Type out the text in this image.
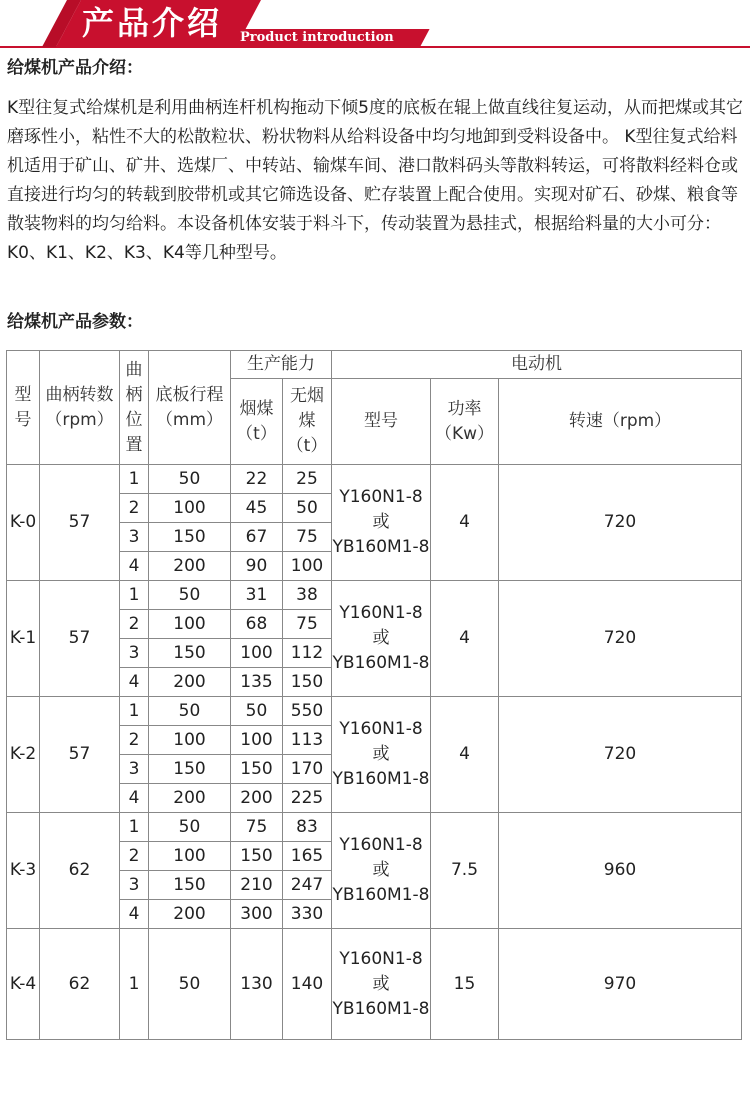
产品介绍 Product introduction
给煤机产品介绍：

K型往复式给煤机是利用曲柄连杆机构拖动下倾5度的底板在辊上做直线往复运动，从而把煤或其它磨琢性小，粘性不大的松散粒状、粉状物料从给料设备中均匀地卸到受料设备中。 K型往复式给料机适用于矿山、矿井、选煤厂、中转站、输煤车间、港口散料码头等散料转运，可将散料经料仓或直接进行均匀的转载到胶带机或其它筛选设备、贮存装置上配合使用。实现对矿石、砂煤、粮食等散装物料的均匀给料。本设备机体安装于料斗下，传动装置为悬挂式，根据给料量的大小可分：K0、K1、K2、K3、K4等几种型号。

给煤机产品参数：
型号	曲柄转数（rpm）	曲柄位置	底板行程（mm）	生产能力		电动机		
				烟煤（t）	无烟煤（t）	型号	功率（Kw）	转速（rpm）
K-0	57	1	50	22	25	Y160N1-8或YB160M1-8	4	720
		2	100	45	50			
		3	150	67	75			
		4	200	90	100			
K-1	57	1	50	31	38	Y160N1-8或YB160M1-8	4	720
		2	100	68	75			
		3	150	100	112			
		4	200	135	150			
K-2	57	1	50	50	550	Y160N1-8或YB160M1-8	4	720
		2	100	100	113			
		3	150	150	170			
		4	200	200	225			
K-3	62	1	50	75	83	Y160N1-8或YB160M1-8	7.5	960
		2	100	150	165			
		3	150	210	247			
		4	200	300	330			
K-4	62	1	50	130	140	Y160N1-8或YB160M1-8	15	970
